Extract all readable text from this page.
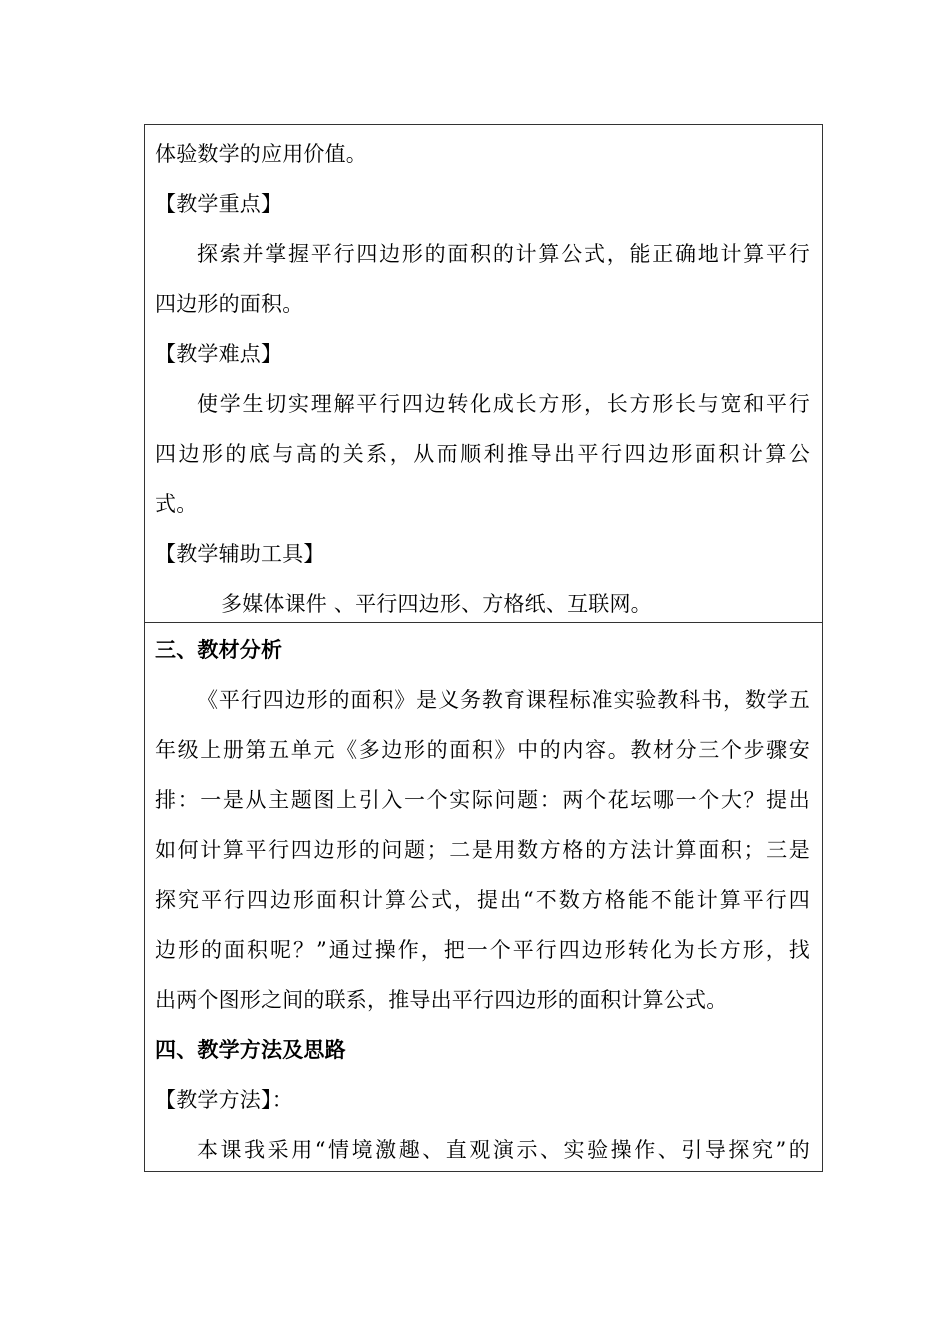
体验数学的应用价值。
【教学重点】
探索并掌握平行四边形的面积的计算公式，能正确地计算平行
四边形的面积。
【教学难点】
使学生切实理解平行四边转化成长方形，长方形长与宽和平行
四边形的底与高的关系，从而顺利推导出平行四边形面积计算公
式。
【教学辅助工具】
多媒体课件 、平行四边形、方格纸、互联网。
三、教材分析
《平行四边形的面积》是义务教育课程标准实验教科书，数学五
年级上册第五单元《多边形的面积》中的内容。教材分三个步骤安
排：一是从主题图上引入一个实际问题：两个花坛哪一个大？提出
如何计算平行四边形的问题；二是用数方格的方法计算面积；三是
探究平行四边形面积计算公式，提出“不数方格能不能计算平行四
边形的面积呢？”通过操作，把一个平行四边形转化为长方形，找
出两个图形之间的联系，推导出平行四边形的面积计算公式。
四、教学方法及思路
【教学方法】：
本课我采用“情境激趣、直观演示、实验操作、引导探究”的
